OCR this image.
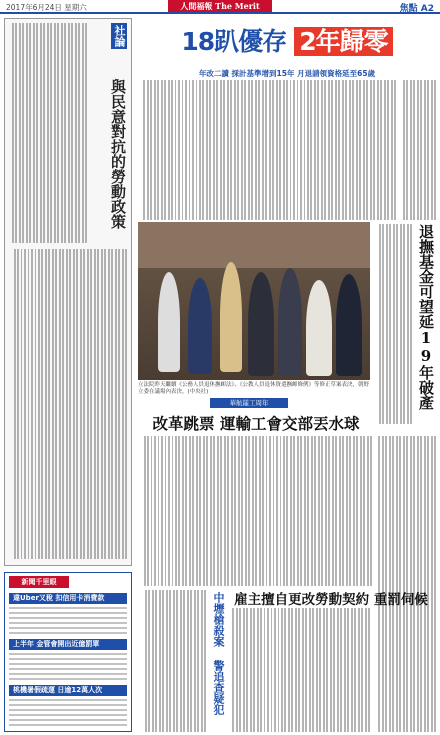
2017年6月24日 星期六	人間福報 The Merit	焦點 A2
社論
與民意對抗的勞動政策
新聞千里眼
違Uber又稅 扣信用卡消費款
上半年 金管會開出近億罰單
桃機暑假疏運 日逾12萬人次
18趴優存 2年歸零
年改二讀 採計基準增到15年 月退請領資格延至65歲
立法院昨天繼續《公務人員退休撫卹法》、《公教人員退休資遣撫卹條例》等修正草案表決，朝野立委在議場內表決。(中央社)	退撫基金可望延19年破產
華航罷工周年
改革跳票 運輸工會交部丟水球
中壢槍殺案 警追查疑犯 雇主擅自更改勞動契約 重罰伺候
